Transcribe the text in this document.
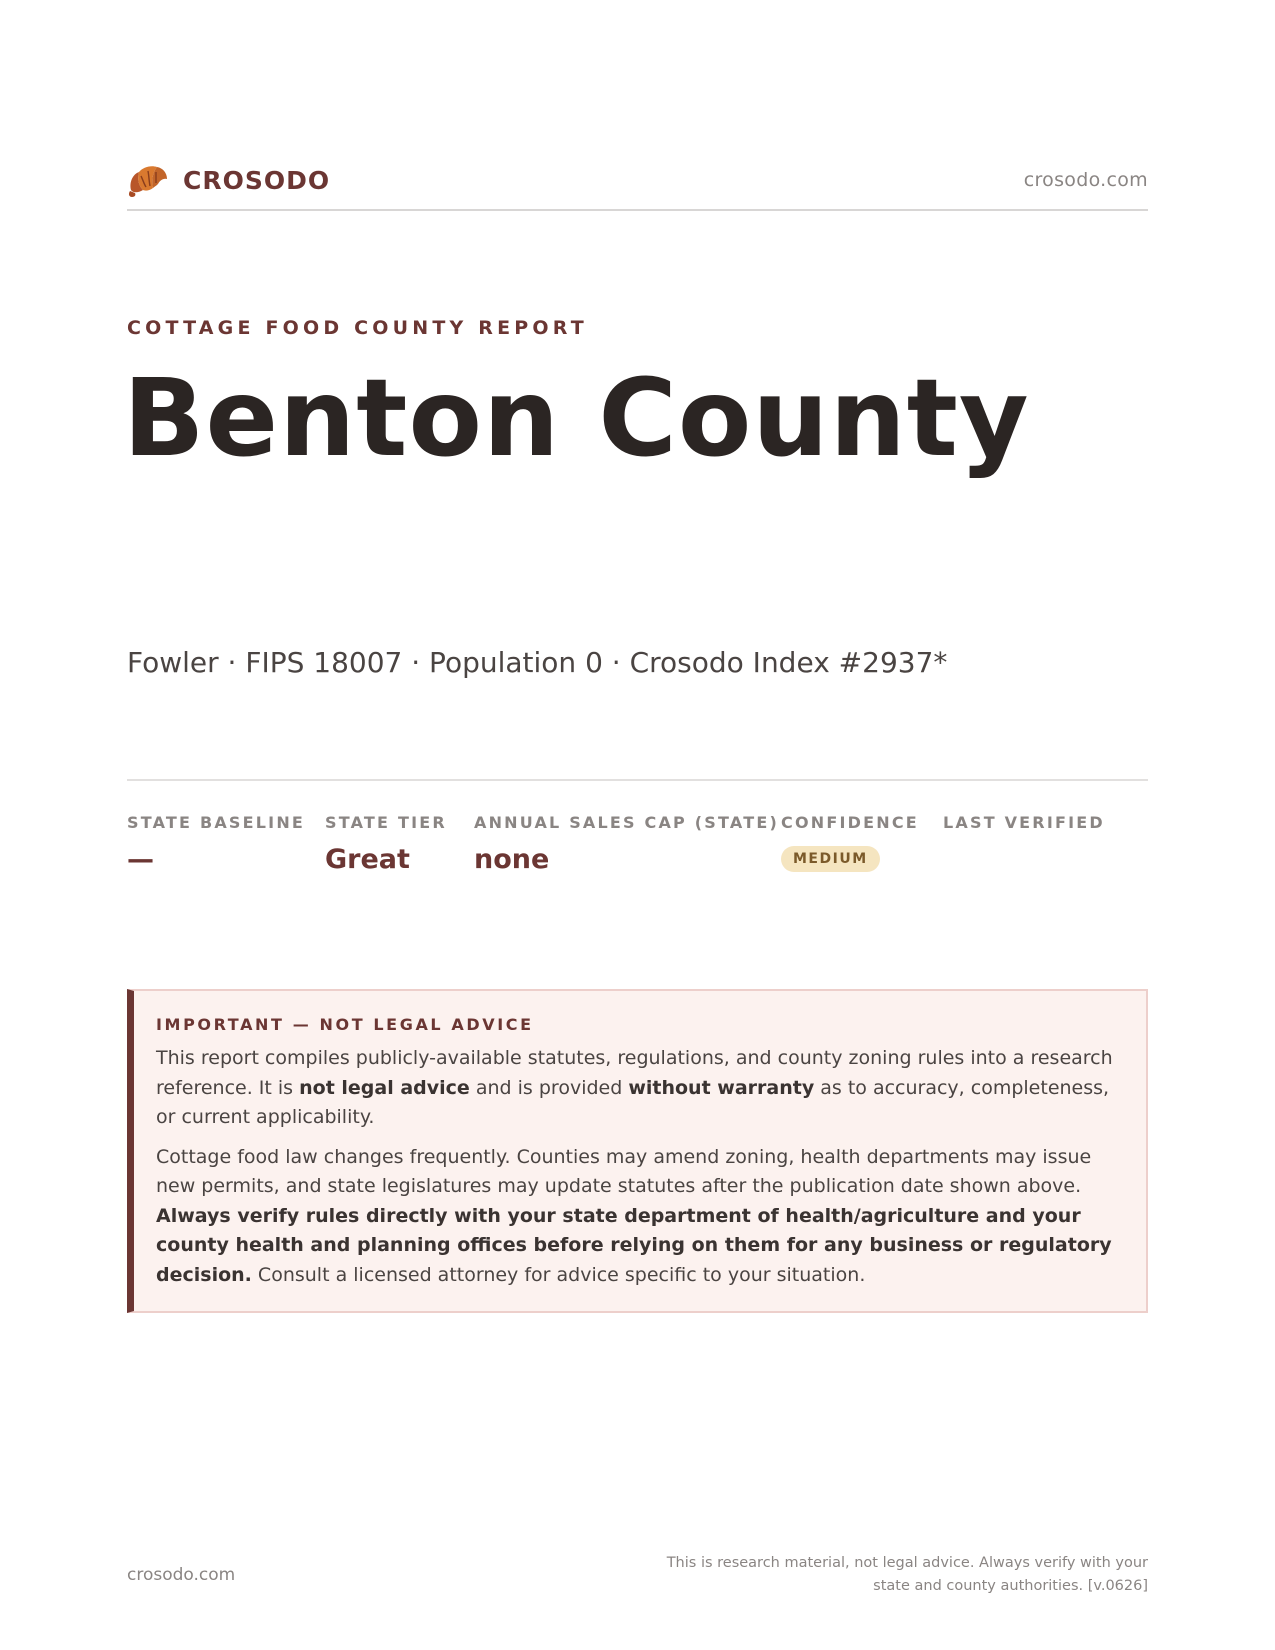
CROSODO	crosodo.com
COTTAGE FOOD COUNTY REPORT
Benton County
Fowler · FIPS 18007 · Population 0 · Crosodo Index #2937*
STATE BASELINE
—
STATE TIER
Great
ANNUAL SALES CAP (STATE)
none
CONFIDENCE
MEDIUM
LAST VERIFIED
IMPORTANT — NOT LEGAL ADVICE

This report compiles publicly-available statutes, regulations, and county zoning rules into a research reference. It is not legal advice and is provided without warranty as to accuracy, completeness, or current applicability.

Cottage food law changes frequently. Counties may amend zoning, health departments may issue new permits, and state legislatures may update statutes after the publication date shown above. Always verify rules directly with your state department of health/agriculture and your county health and planning offices before relying on them for any business or regulatory decision. Consult a licensed attorney for advice specific to your situation.

crosodo.com
This is research material, not legal advice. Always verify with your state and county authorities. [v.0626]
